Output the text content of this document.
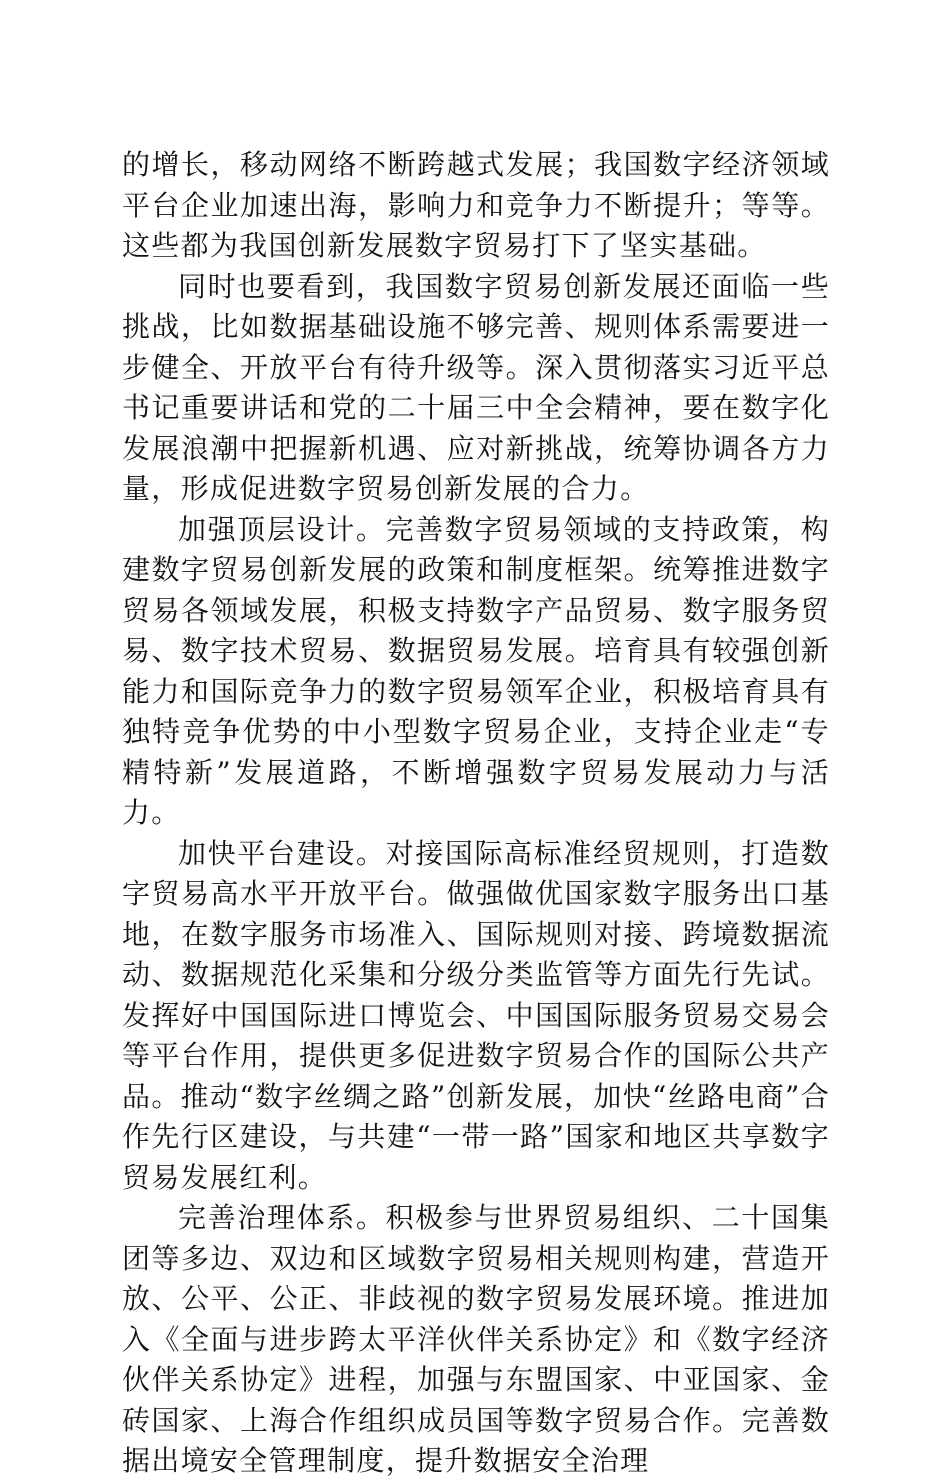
的增长，移动网络不断跨越式发展；我国数字经济领域平台企业加速出海，影响力和竞争力不断提升；等等。这些都为我国创新发展数字贸易打下了坚实基础。

同时也要看到，我国数字贸易创新发展还面临一些挑战，比如数据基础设施不够完善、规则体系需要进一步健全、开放平台有待升级等。深入贯彻落实习近平总书记重要讲话和党的二十届三中全会精神，要在数字化发展浪潮中把握新机遇、应对新挑战，统筹协调各方力量，形成促进数字贸易创新发展的合力。

加强顶层设计。完善数字贸易领域的支持政策，构建数字贸易创新发展的政策和制度框架。统筹推进数字贸易各领域发展，积极支持数字产品贸易、数字服务贸易、数字技术贸易、数据贸易发展。培育具有较强创新能力和国际竞争力的数字贸易领军企业，积极培育具有独特竞争优势的中小型数字贸易企业，支持企业走“专精特新”发展道路，不断增强数字贸易发展动力与活力。

加快平台建设。对接国际高标准经贸规则，打造数字贸易高水平开放平台。做强做优国家数字服务出口基地，在数字服务市场准入、国际规则对接、跨境数据流动、数据规范化采集和分级分类监管等方面先行先试。发挥好中国国际进口博览会、中国国际服务贸易交易会等平台作用，提供更多促进数字贸易合作的国际公共产品。推动“数字丝绸之路”创新发展，加快“丝路电商”合作先行区建设，与共建“一带一路”国家和地区共享数字贸易发展红利。

完善治理体系。积极参与世界贸易组织、二十国集团等多边、双边和区域数字贸易相关规则构建，营造开放、公平、公正、非歧视的数字贸易发展环境。推进加入《全面与进步跨太平洋伙伴关系协定》和《数字经济伙伴关系协定》进程，加强与东盟国家、中亚国家、金砖国家、上海合作组织成员国等数字贸易合作。完善数据出境安全管理制度，提升数据安全治理
